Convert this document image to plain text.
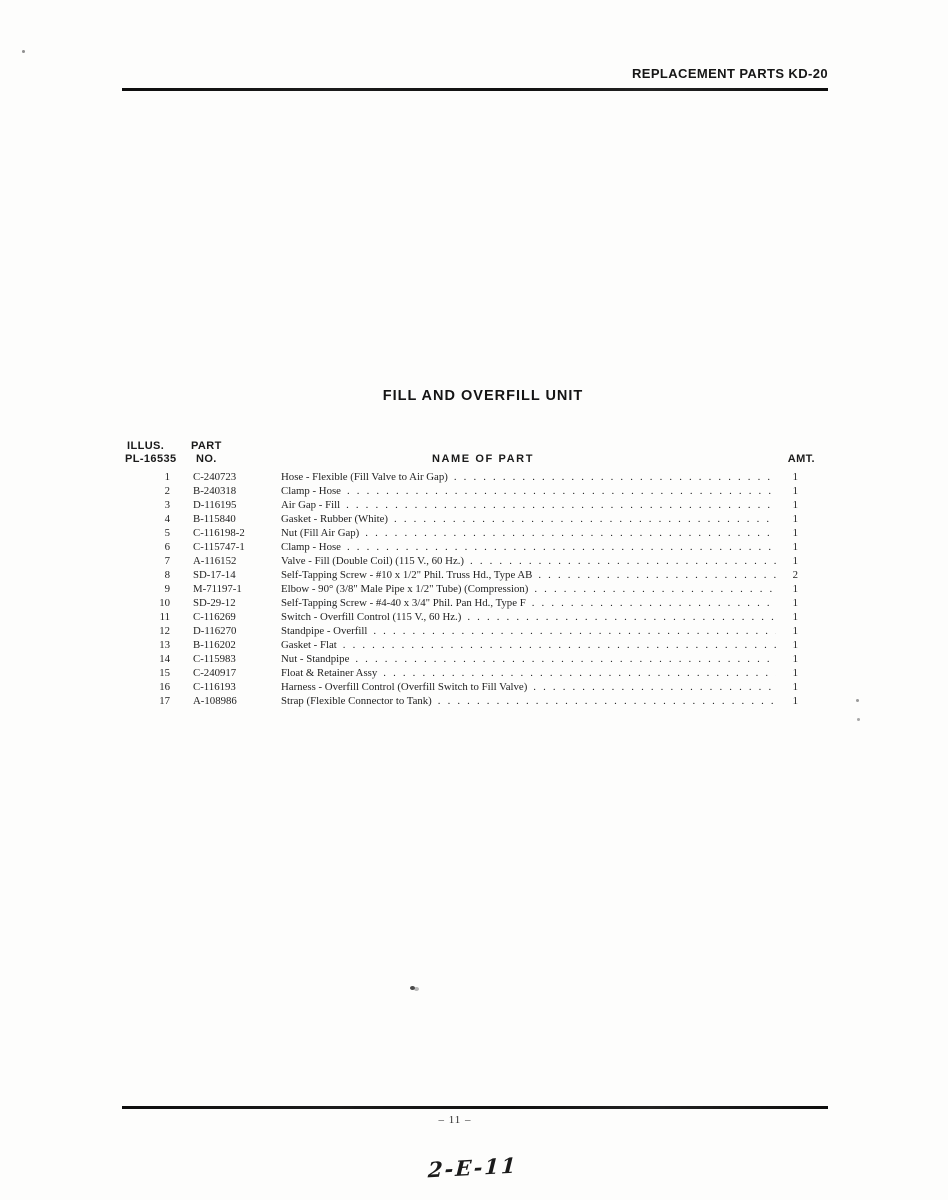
REPLACEMENT PARTS KD-20
FILL AND OVERFILL UNIT
ILLUS.
PL-16535
PART
NO.	NAME OF PART	AMT.
1 C-240723	Hose - Flexible (Fill Valve to Air Gap) . . .	1
2 B-240318	Clamp - Hose . . .	1
3 D-116195	Air Gap - Fill . . .	1
4 B-115840	Gasket - Rubber (White) . . .	1
5 C-116198-2	Nut (Fill Air Gap) . . .	1
6 C-115747-1	Clamp - Hose . . .	1
7 A-116152	Valve - Fill (Double Coil) (115 V., 60 Hz.) . . .	1
8 SD-17-14	Self-Tapping Screw - #10 x 1/2" Phil. Truss Hd., Type AB . . .	2
9 M-71197-1	Elbow - 90° (3/8" Male Pipe x 1/2" Tube) (Compression) . . .	1
10 SD-29-12	Self-Tapping Screw - #4-40 x 3/4" Phil. Pan Hd., Type F . . .	1
11 C-116269	Switch - Overfill Control (115 V., 60 Hz.) . . .	1
12 D-116270	Standpipe - Overfill . . .	1
13 B-116202	Gasket - Flat . . .	1
14 C-115983	Nut - Standpipe . . .	1
15 C-240917	Float & Retainer Assy . . .	1
16 C-116193	Harness - Overfill Control (Overfill Switch to Fill Valve) . . .	1
17 A-108986	Strap (Flexible Connector to Tank) . . .	1
– 11 –
2-E-11
